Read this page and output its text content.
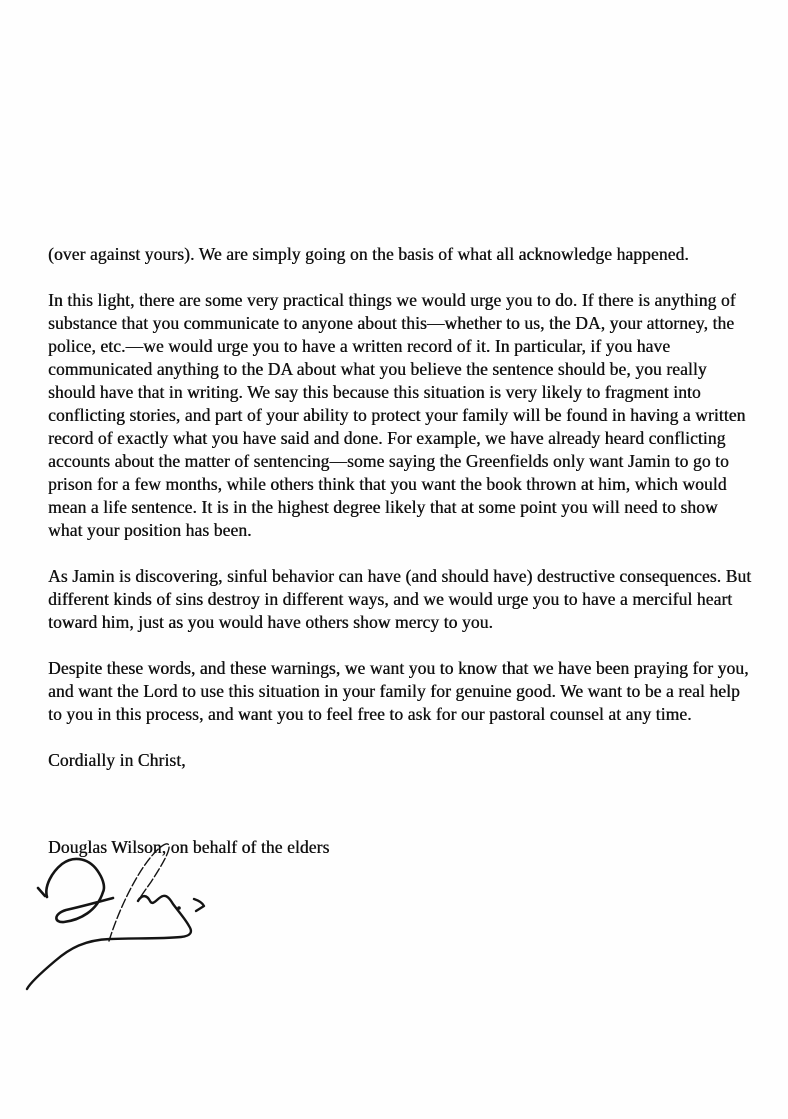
(over against yours). We are simply going on the basis of what all acknowledge happened.

In this light, there are some very practical things we would urge you to do. If there is anything of substance that you communicate to anyone about this—whether to us, the DA, your attorney, the police, etc.—we would urge you to have a written record of it. In particular, if you have communicated anything to the DA about what you believe the sentence should be, you really should have that in writing. We say this because this situation is very likely to fragment into conflicting stories, and part of your ability to protect your family will be found in having a written record of exactly what you have said and done. For example, we have already heard conflicting accounts about the matter of sentencing—some saying the Greenfields only want Jamin to go to prison for a few months, while others think that you want the book thrown at him, which would mean a life sentence. It is in the highest degree likely that at some point you will need to show what your position has been.

As Jamin is discovering, sinful behavior can have (and should have) destructive consequences. But different kinds of sins destroy in different ways, and we would urge you to have a merciful heart toward him, just as you would have others show mercy to you.

Despite these words, and these warnings, we want you to know that we have been praying for you, and want the Lord to use this situation in your family for genuine good. We want to be a real help to you in this process, and want you to feel free to ask for our pastoral counsel at any time.

Cordially in Christ,

Douglas Wilson, on behalf of the elders
